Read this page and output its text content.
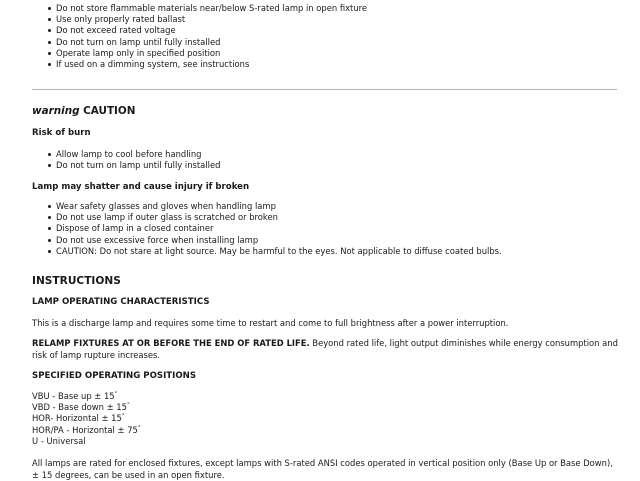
Do not store flammable materials near/below S-rated lamp in open fixture
Use only properly rated ballast
Do not exceed rated voltage
Do not turn on lamp until fully installed
Operate lamp only in specified position
If used on a dimming system, see instructions
warning CAUTION
Risk of burn
Allow lamp to cool before handling
Do not turn on lamp until fully installed
Lamp may shatter and cause injury if broken
Wear safety glasses and gloves when handling lamp
Do not use lamp if outer glass is scratched or broken
Dispose of lamp in a closed container
Do not use excessive force when installing lamp
CAUTION: Do not stare at light source. May be harmful to the eyes. Not applicable to diffuse coated bulbs.
INSTRUCTIONS
LAMP OPERATING CHARACTERISTICS
This is a discharge lamp and requires some time to restart and come to full brightness after a power interruption.
RELAMP FIXTURES AT OR BEFORE THE END OF RATED LIFE. Beyond rated life, light output diminishes while energy consumption and risk of lamp rupture increases.
SPECIFIED OPERATING POSITIONS
VBU - Base up ± 15°
VBD - Base down ± 15°
HOR- Horizontal ± 15°
HOR/PA - Horizontal ± 75°
U - Universal
All lamps are rated for enclosed fixtures, except lamps with S-rated ANSI codes operated in vertical position only (Base Up or Base Down), ± 15 degrees, can be used in an open fixture.
